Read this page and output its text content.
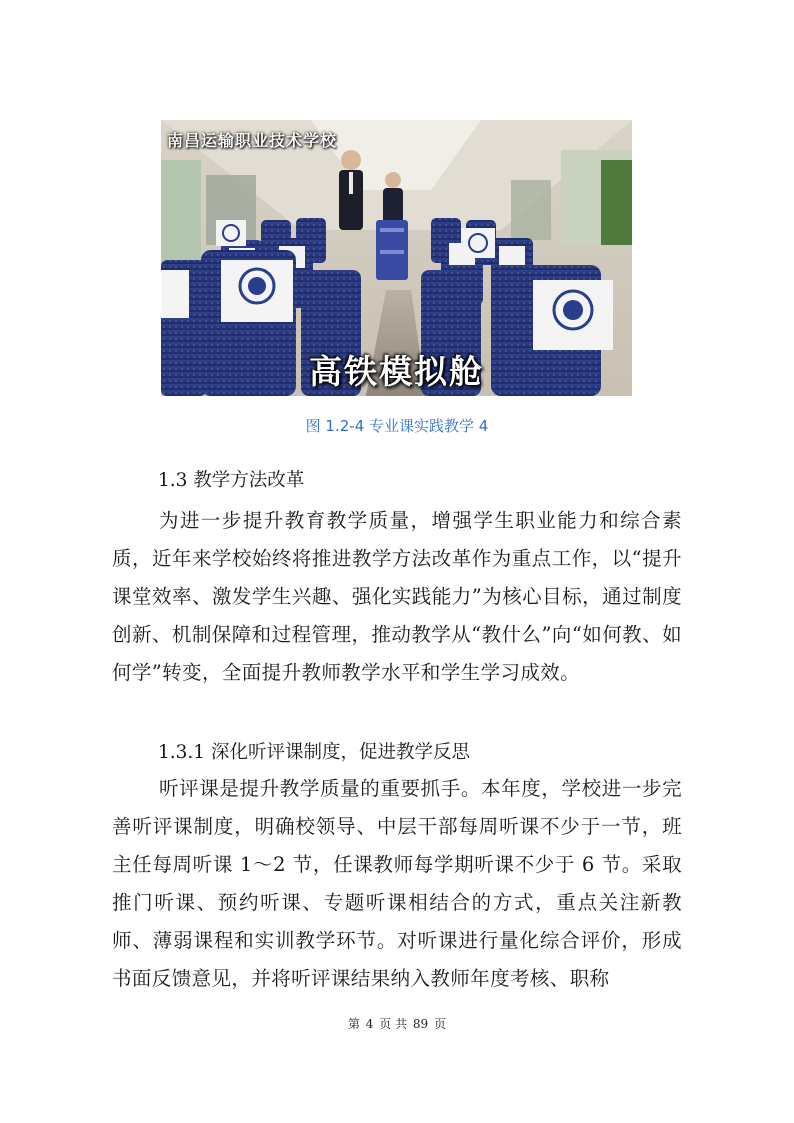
南昌运输职业技术学校
高铁模拟舱
图 1.2-4 专业课实践教学 4
1.3 教学方法改革

为进一步提升教育教学质量，增强学生职业能力和综合素质，近年来学校始终将推进教学方法改革作为重点工作，以“提升课堂效率、激发学生兴趣、强化实践能力”为核心目标，通过制度创新、机制保障和过程管理，推动教学从“教什么”向“如何教、如何学”转变，全面提升教师教学水平和学生学习成效。

1.3.1 深化听评课制度，促进教学反思

听评课是提升教学质量的重要抓手。本年度，学校进一步完善听评课制度，明确校领导、中层干部每周听课不少于一节，班主任每周听课 1～2 节，任课教师每学期听课不少于 6 节。采取推门听课、预约听课、专题听课相结合的方式，重点关注新教师、薄弱课程和实训教学环节。对听课进行量化综合评价，形成书面反馈意见，并将听评课结果纳入教师年度考核、职称

第 4 页 共 89 页
